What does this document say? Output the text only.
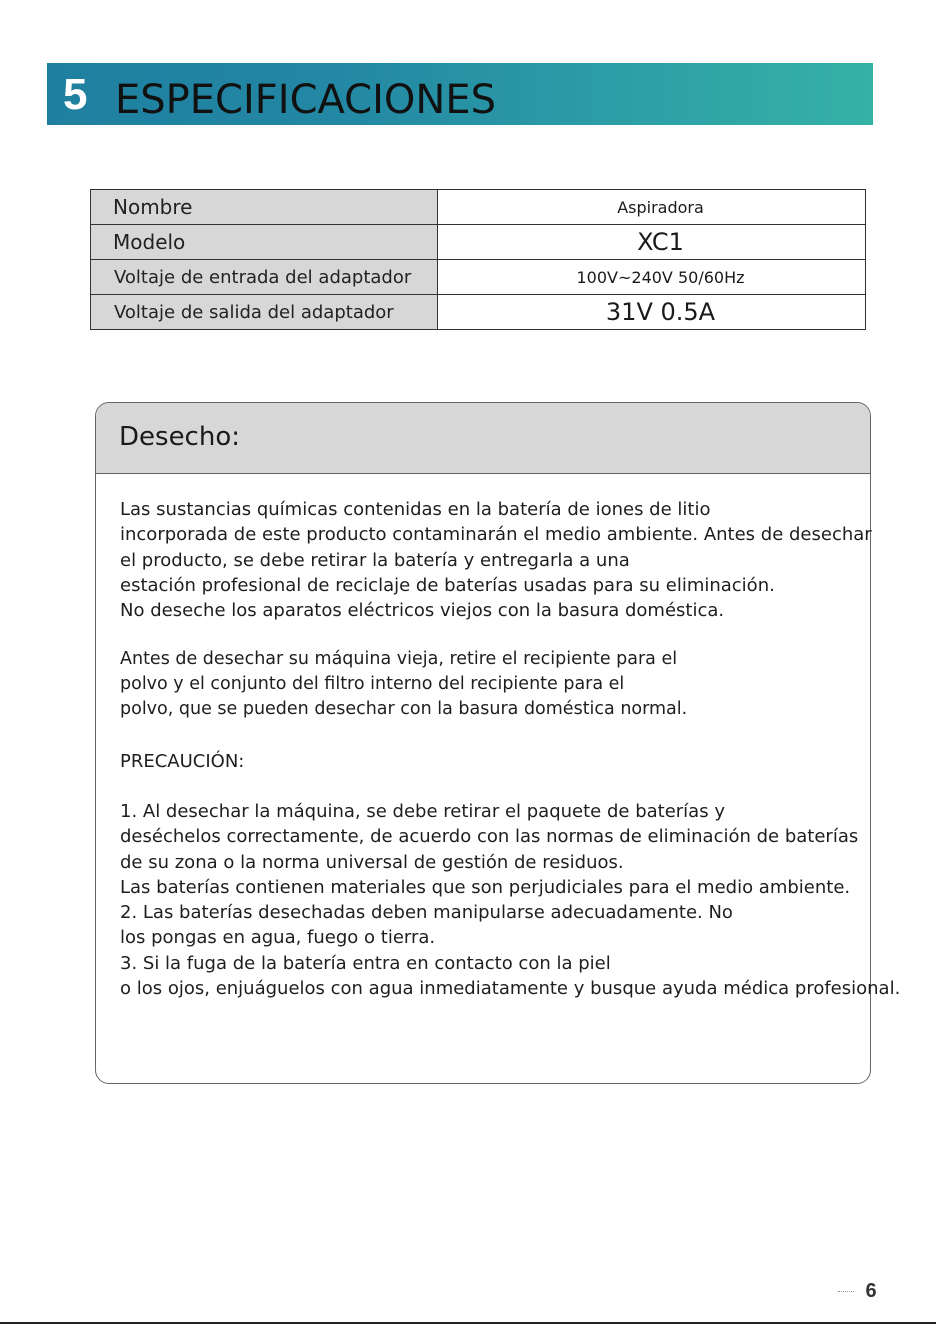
5 ESPECIFICACIONES
Nombre	Aspiradora
Modelo	XC1
Voltaje de entrada del adaptador	100V~240V 50/60Hz
Voltaje de salida del adaptador	31V 0.5A
Desecho:

Las sustancias químicas contenidas en la batería de iones de litio
incorporada de este producto contaminarán el medio ambiente. Antes de desechar
el producto, se debe retirar la batería y entregarla a una
estación profesional de reciclaje de baterías usadas para su eliminación.
No deseche los aparatos eléctricos viejos con la basura doméstica.

Antes de desechar su máquina vieja, retire el recipiente para el
polvo y el conjunto del filtro interno del recipiente para el
polvo, que se pueden desechar con la basura doméstica normal.

PRECAUCIÓN:

1. Al desechar la máquina, se debe retirar el paquete de baterías y
deséchelos correctamente, de acuerdo con las normas de eliminación de baterías
de su zona o la norma universal de gestión de residuos.
Las baterías contienen materiales que son perjudiciales para el medio ambiente.
2. Las baterías desechadas deben manipularse adecuadamente. No
los pongas en agua, fuego o tierra.
3. Si la fuga de la batería entra en contacto con la piel
o los ojos, enjuáguelos con agua inmediatamente y busque ayuda médica profesional.

6
